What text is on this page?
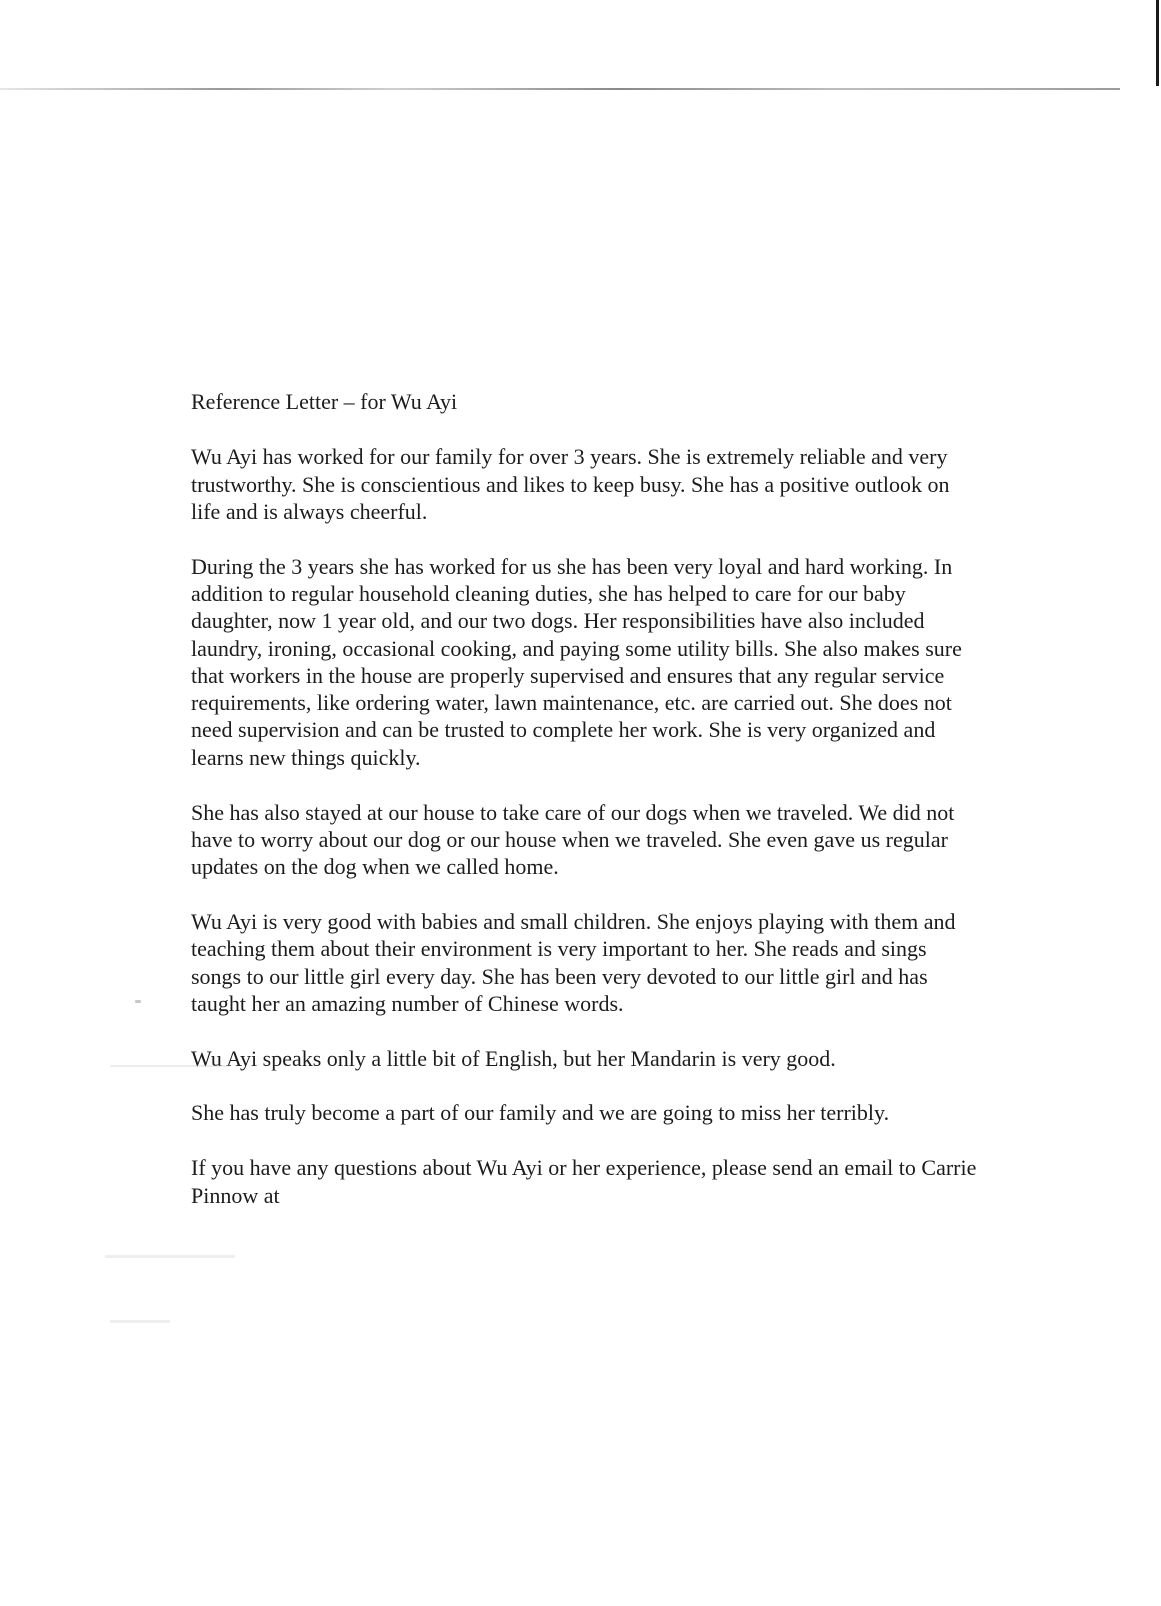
Reference Letter – for Wu Ayi

Wu Ayi has worked for our family for over 3 years. She is extremely reliable and very
trustworthy. She is conscientious and likes to keep busy. She has a positive outlook on
life and is always cheerful.

During the 3 years she has worked for us she has been very loyal and hard working. In
addition to regular household cleaning duties, she has helped to care for our baby
daughter, now 1 year old, and our two dogs. Her responsibilities have also included
laundry, ironing, occasional cooking, and paying some utility bills. She also makes sure
that workers in the house are properly supervised and ensures that any regular service
requirements, like ordering water, lawn maintenance, etc. are carried out. She does not
need supervision and can be trusted to complete her work. She is very organized and
learns new things quickly.

She has also stayed at our house to take care of our dogs when we traveled. We did not
have to worry about our dog or our house when we traveled. She even gave us regular
updates on the dog when we called home.

Wu Ayi is very good with babies and small children. She enjoys playing with them and
teaching them about their environment is very important to her. She reads and sings
songs to our little girl every day. She has been very devoted to our little girl and has
taught her an amazing number of Chinese words.

Wu Ayi speaks only a little bit of English, but her Mandarin is very good.

She has truly become a part of our family and we are going to miss her terribly.

If you have any questions about Wu Ayi or her experience, please send an email to Carrie
Pinnow at
